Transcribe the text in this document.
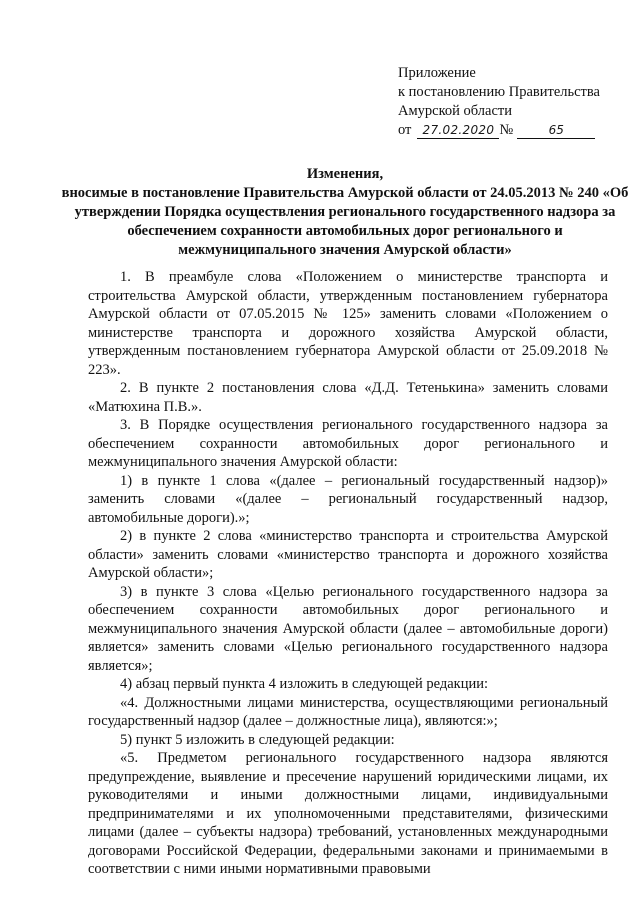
Приложение
к постановлению Правительства
Амурской области
от 27.02.2020 №	65
Изменения,
вносимые в постановление Правительства Амурской области от 24.05.2013 № 240 «Об утверждении Порядка осуществления регионального государственного надзора за обеспечением сохранности автомобильных дорог регионального и межмуниципального значения Амурской области»

1. В преамбуле слова «Положением о министерстве транспорта и строительства Амурской области, утвержденным постановлением губернатора Амурской области от 07.05.2015 № 125» заменить словами «Положением о министерстве транспорта и дорожного хозяйства Амурской области, утвержденным постановлением губернатора Амурской области от 25.09.2018 № 223».

2. В пункте 2 постановления слова «Д.Д. Тетенькина» заменить словами «Матюхина П.В.».

3. В Порядке осуществления регионального государственного надзора за обеспечением сохранности автомобильных дорог регионального и межмуниципального значения Амурской области:

1) в пункте 1 слова «(далее – региональный государственный надзор)» заменить словами «(далее – региональный государственный надзор, автомобильные дороги).»;

2) в пункте 2 слова «министерство транспорта и строительства Амурской области» заменить словами «министерство транспорта и дорожного хозяйства Амурской области»;

3) в пункте 3 слова «Целью регионального государственного надзора за обеспечением сохранности автомобильных дорог регионального и межмуниципального значения Амурской области (далее – автомобильные дороги) является» заменить словами «Целью регионального государственного надзора является»;

4) абзац первый пункта 4 изложить в следующей редакции:

«4. Должностными лицами министерства, осуществляющими региональный государственный надзор (далее – должностные лица), являются:»;

5) пункт 5 изложить в следующей редакции:

«5. Предметом регионального государственного надзора являются предупреждение, выявление и пресечение нарушений юридическими лицами, их руководителями и иными должностными лицами, индивидуальными предпринимателями и их уполномоченными представителями, физическими лицами (далее – субъекты надзора) требований, установленных международными договорами Российской Федерации, федеральными законами и принимаемыми в соответствии с ними иными нормативными правовыми
